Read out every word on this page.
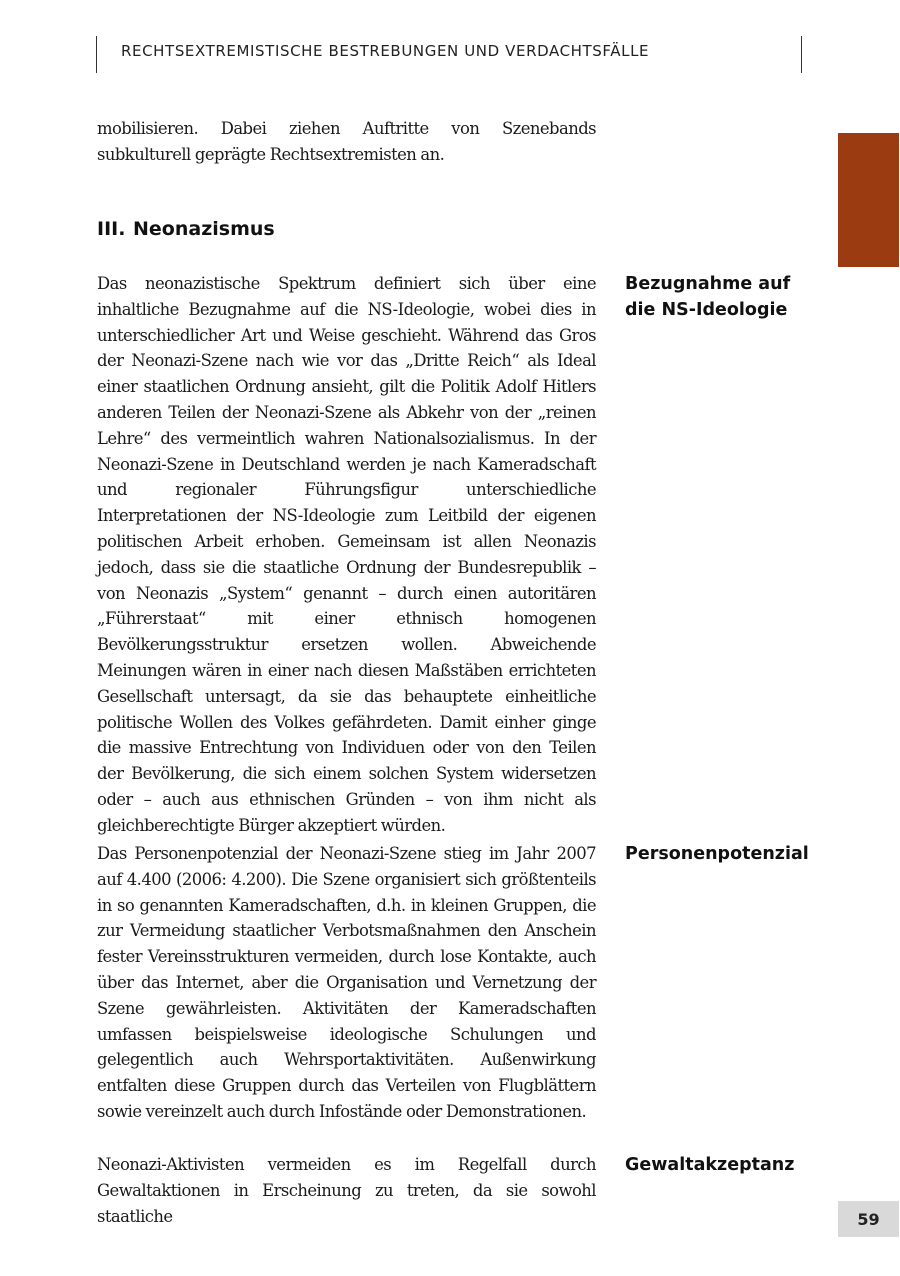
RECHTSEXTREMISTISCHE BESTREBUNGEN UND VERDACHTSFÄLLE

mobilisieren. Dabei ziehen Auftritte von Szenebands subkulturell geprägte Rechtsextremisten an.

III. Neonazismus

Das neonazistische Spektrum definiert sich über eine inhaltliche Bezugnahme auf die NS-Ideologie, wobei dies in unterschiedlicher Art und Weise geschieht. Während das Gros der Neonazi-Szene nach wie vor das „Dritte Reich“ als Ideal einer staatlichen Ordnung ansieht, gilt die Politik Adolf Hitlers anderen Teilen der Neonazi-Szene als Abkehr von der „reinen Lehre“ des vermeintlich wahren Nationalsozialismus. In der Neonazi-Szene in Deutschland werden je nach Kameradschaft und regionaler Führungsfigur unterschiedliche Interpretationen der NS-Ideologie zum Leitbild der eigenen politischen Arbeit erhoben. Gemeinsam ist allen Neonazis jedoch, dass sie die staatliche Ordnung der Bundesrepublik – von Neonazis „System“ genannt – durch einen autoritären „Führerstaat“ mit einer ethnisch homogenen Bevölkerungsstruktur ersetzen wollen. Abweichende Meinungen wären in einer nach diesen Maßstäben errichteten Gesellschaft untersagt, da sie das behauptete einheitliche politische Wollen des Volkes gefährdeten. Damit einher ginge die massive Entrechtung von Individuen oder von den Teilen der Bevölkerung, die sich einem solchen System widersetzen oder – auch aus ethnischen Gründen – von ihm nicht als gleichberechtigte Bürger akzeptiert würden.

Bezugnahme auf die NS-Ideologie

Das Personenpotenzial der Neonazi-Szene stieg im Jahr 2007 auf 4.400 (2006: 4.200). Die Szene organisiert sich größtenteils in so genannten Kameradschaften, d.h. in kleinen Gruppen, die zur Vermeidung staatlicher Verbotsmaßnahmen den Anschein fester Vereinsstrukturen vermeiden, durch lose Kontakte, auch über das Internet, aber die Organisation und Vernetzung der Szene gewährleisten. Aktivitäten der Kameradschaften umfassen beispielsweise ideologische Schulungen und gelegentlich auch Wehrsportaktivitäten. Außenwirkung entfalten diese Gruppen durch das Verteilen von Flugblättern sowie vereinzelt auch durch Infostände oder Demonstrationen.

Personenpotenzial

Neonazi-Aktivisten vermeiden es im Regelfall durch Gewaltaktionen in Erscheinung zu treten, da sie sowohl staatliche

Gewaltakzeptanz
59
